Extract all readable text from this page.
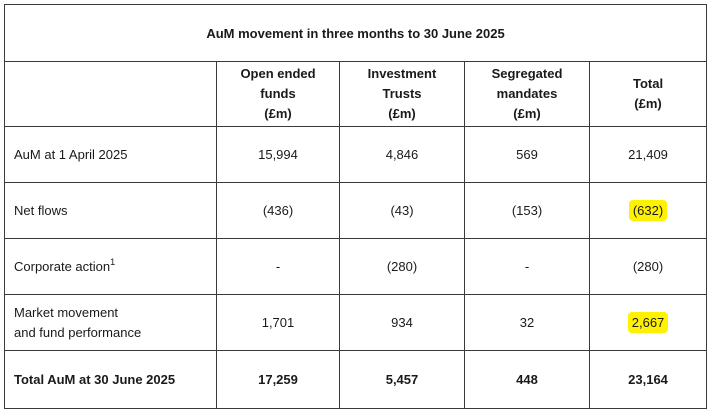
AuM movement in three months to 30 June 2025				
	Open ended
funds
(£m)	Investment
Trusts
(£m)	Segregated
mandates
(£m)	Total
(£m)
AuM at 1 April 2025	15,994	4,846	569	21,409
Net flows	(436)	(43)	(153)	(632)
Corporate action$^1$	-	(280)	-	(280)
Market movement
and fund performance	1,701	934	32	2,667
Total AuM at 30 June 2025	17,259	5,457	448	23,164
